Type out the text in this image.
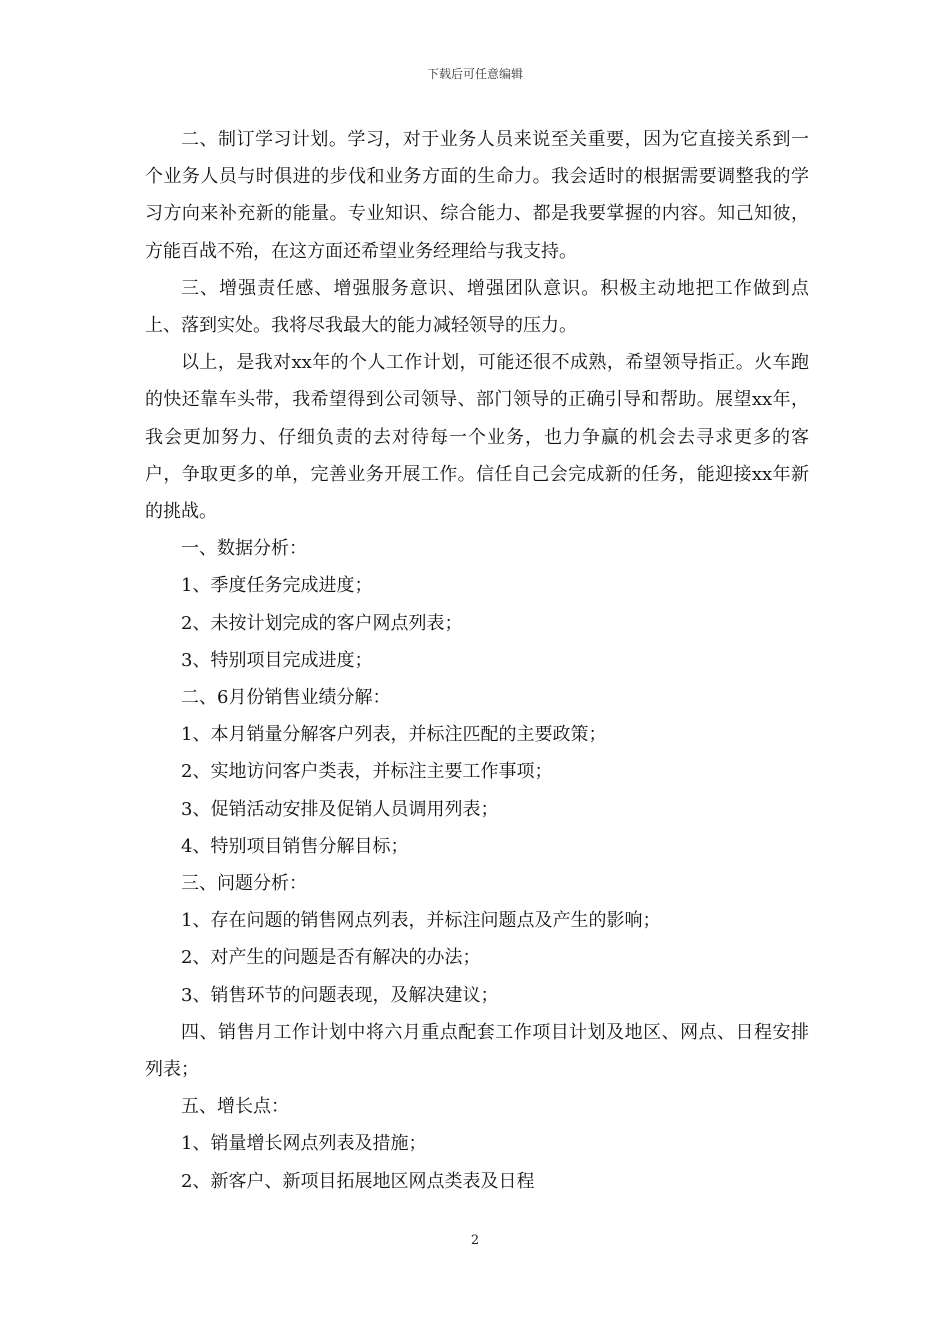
下载后可任意编辑

二、制订学习计划。学习，对于业务人员来说至关重要，因为它直接关系到一个业务人员与时俱进的步伐和业务方面的生命力。我会适时的根据需要调整我的学习方向来补充新的能量。专业知识、综合能力、都是我要掌握的内容。知己知彼，方能百战不殆，在这方面还希望业务经理给与我支持。

三、增强责任感、增强服务意识、增强团队意识。积极主动地把工作做到点上、落到实处。我将尽我最大的能力减轻领导的压力。

以上，是我对xx年的个人工作计划，可能还很不成熟，希望领导指正。火车跑的快还靠车头带，我希望得到公司领导、部门领导的正确引导和帮助。展望xx年，我会更加努力、仔细负责的去对待每一个业务，也力争赢的机会去寻求更多的客户，争取更多的单，完善业务开展工作。信任自己会完成新的任务，能迎接xx年新的挑战。

一、数据分析：

1、季度任务完成进度；

2、未按计划完成的客户网点列表；

3、特别项目完成进度；

二、6月份销售业绩分解：

1、本月销量分解客户列表，并标注匹配的主要政策；

2、实地访问客户类表，并标注主要工作事项；

3、促销活动安排及促销人员调用列表；

4、特别项目销售分解目标；

三、问题分析：

1、存在问题的销售网点列表，并标注问题点及产生的影响；

2、对产生的问题是否有解决的办法；

3、销售环节的问题表现，及解决建议；

四、销售月工作计划中将六月重点配套工作项目计划及地区、网点、日程安排列表；

五、增长点：

1、销量增长网点列表及措施；

2、新客户、新项目拓展地区网点类表及日程

2
